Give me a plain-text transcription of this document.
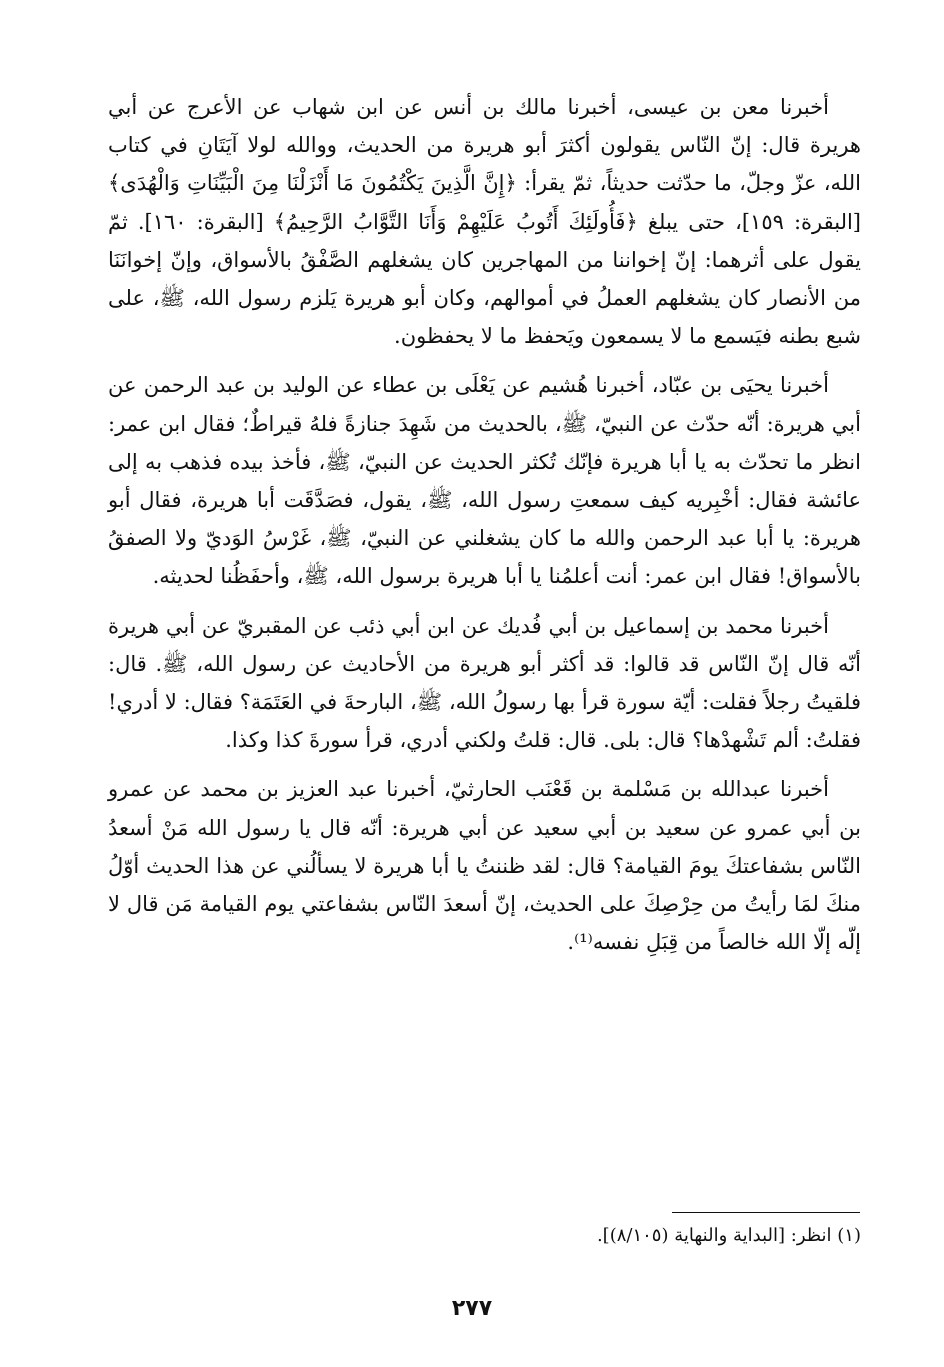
أخبرنا معن بن عيسى، أخبرنا مالك بن أنس عن ابن شهاب عن الأعرج عن أبي هريرة قال: إنّ النّاس يقولون أكثرَ أبو هريرة من الحديث، ووالله لولا آيَتَانِ في كتاب الله، عزّ وجلّ، ما حدّثت حديثاً، ثمّ يقرأ: ﴿إِنَّ الَّذِينَ يَكْتُمُونَ مَا أَنْزَلْنَا مِنَ الْبَيِّنَاتِ وَالْهُدَى﴾ [البقرة: ١٥٩]، حتى يبلغ ﴿فَأُولَئِكَ أَتُوبُ عَلَيْهِمْ وَأَنَا التَّوَّابُ الرَّحِيمُ﴾ [البقرة: ١٦٠]. ثمّ يقول على أثرهما: إنّ إخواننا من المهاجرين كان يشغلهم الصَّفْقُ بالأسواق، وإنّ إخوانَنَا من الأنصار كان يشغلهم العملُ في أموالهم، وكان أبو هريرة يَلزم رسول الله، ﷺ، على شبع بطنه فيَسمع ما لا يسمعون ويَحفظ ما لا يحفظون.

أخبرنا يحيَى بن عبّاد، أخبرنا هُشيم عن يَعْلَى بن عطاء عن الوليد بن عبد الرحمن عن أبي هريرة: أنّه حدّث عن النبيّ، ﷺ، بالحديث من شَهِدَ جنازةً فلهُ قيراطٌ؛ فقال ابن عمر: انظر ما تحدّث به يا أبا هريرة فإنّك تُكثر الحديث عن النبيّ، ﷺ، فأخذ بيده فذهب به إلى عائشة فقال: أخْبِريه كيف سمعتِ رسول الله، ﷺ، يقول، فصَدَّقَت أبا هريرة، فقال أبو هريرة: يا أبا عبد الرحمن والله ما كان يشغلني عن النبيّ، ﷺ، غَرْسُ الوَديّ ولا الصفقُ بالأسواق! فقال ابن عمر: أنت أعلمُنا يا أبا هريرة برسول الله، ﷺ، وأحفَظُنا لحديثه.

أخبرنا محمد بن إسماعيل بن أبي فُديك عن ابن أبي ذئب عن المقبريّ عن أبي هريرة أنّه قال إنّ النّاس قد قالوا: قد أكثر أبو هريرة من الأحاديث عن رسول الله، ﷺ. قال: فلقيتُ رجلاً فقلت: أيّة سورة قرأ بها رسولُ الله، ﷺ، البارحةَ في العَتَمَة؟ فقال: لا أدري! فقلتُ: ألم تَشْهدْها؟ قال: بلى. قال: قلتُ ولكني أدري، قرأ سورةَ كذا وكذا.

أخبرنا عبدالله بن مَسْلمة بن قَعْنَب الحارثيّ، أخبرنا عبد العزيز بن محمد عن عمرو بن أبي عمرو عن سعيد بن أبي سعيد عن أبي هريرة: أنّه قال يا رسول الله مَنْ أسعدُ النّاس بشفاعتكَ يومَ القيامة؟ قال: لقد ظننتُ يا أبا هريرة لا يسألُني عن هذا الحديث أوّلُ منكَ لمَا رأيتُ من حِرْصِكَ على الحديث، إنّ أسعدَ النّاس بشفاعتي يوم القيامة مَن قال لا إلّه إلّا الله خالصاً من قِبَلِ نفسه⁽¹⁾.

(١) انظر: [البداية والنهاية (٨/١٠٥)].
٢٧٧
